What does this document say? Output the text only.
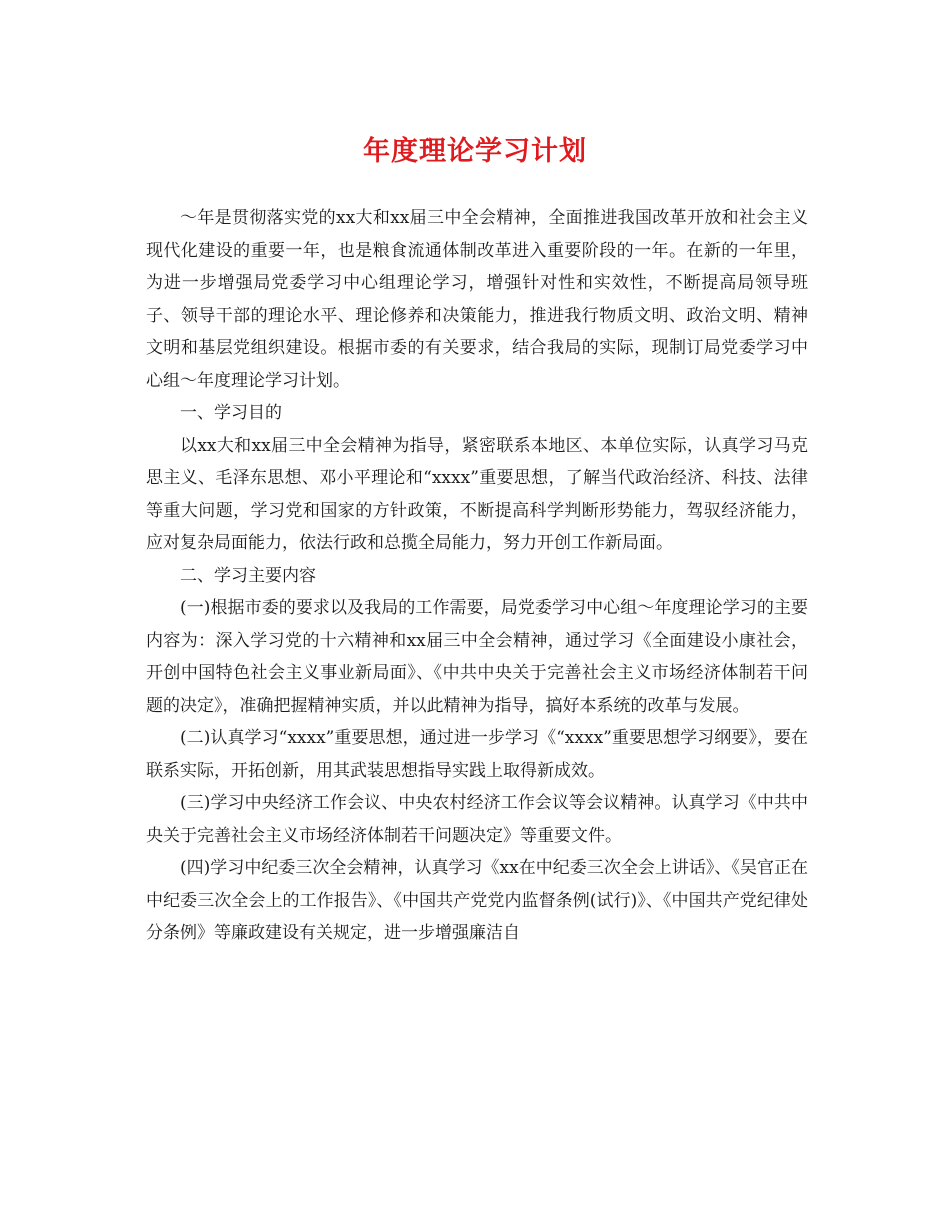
年度理论学习计划

～年是贯彻落实党的xx大和xx届三中全会精神，全面推进我国改革开放和社会主义现代化建设的重要一年，也是粮食流通体制改革进入重要阶段的一年。在新的一年里，为进一步增强局党委学习中心组理论学习，增强针对性和实效性，不断提高局领导班子、领导干部的理论水平、理论修养和决策能力，推进我行物质文明、政治文明、精神文明和基层党组织建设。根据市委的有关要求，结合我局的实际，现制订局党委学习中心组～年度理论学习计划。

一、学习目的

以xx大和xx届三中全会精神为指导，紧密联系本地区、本单位实际，认真学习马克思主义、毛泽东思想、邓小平理论和“xxxx”重要思想，了解当代政治经济、科技、法律等重大问题，学习党和国家的方针政策，不断提高科学判断形势能力，驾驭经济能力，应对复杂局面能力，依法行政和总揽全局能力，努力开创工作新局面。

二、学习主要内容

(一)根据市委的要求以及我局的工作需要，局党委学习中心组～年度理论学习的主要内容为：深入学习党的十六精神和xx届三中全会精神，通过学习《全面建设小康社会，开创中国特色社会主义事业新局面》、《中共中央关于完善社会主义市场经济体制若干问题的决定》，准确把握精神实质，并以此精神为指导，搞好本系统的改革与发展。

(二)认真学习“xxxx”重要思想，通过进一步学习《“xxxx”重要思想学习纲要》，要在联系实际，开拓创新，用其武装思想指导实践上取得新成效。

(三)学习中央经济工作会议、中央农村经济工作会议等会议精神。认真学习《中共中央关于完善社会主义市场经济体制若干问题决定》等重要文件。

(四)学习中纪委三次全会精神，认真学习《xx在中纪委三次全会上讲话》、《吴官正在中纪委三次全会上的工作报告》、《中国共产党党内监督条例(试行)》、《中国共产党纪律处分条例》等廉政建设有关规定，进一步增强廉洁自
